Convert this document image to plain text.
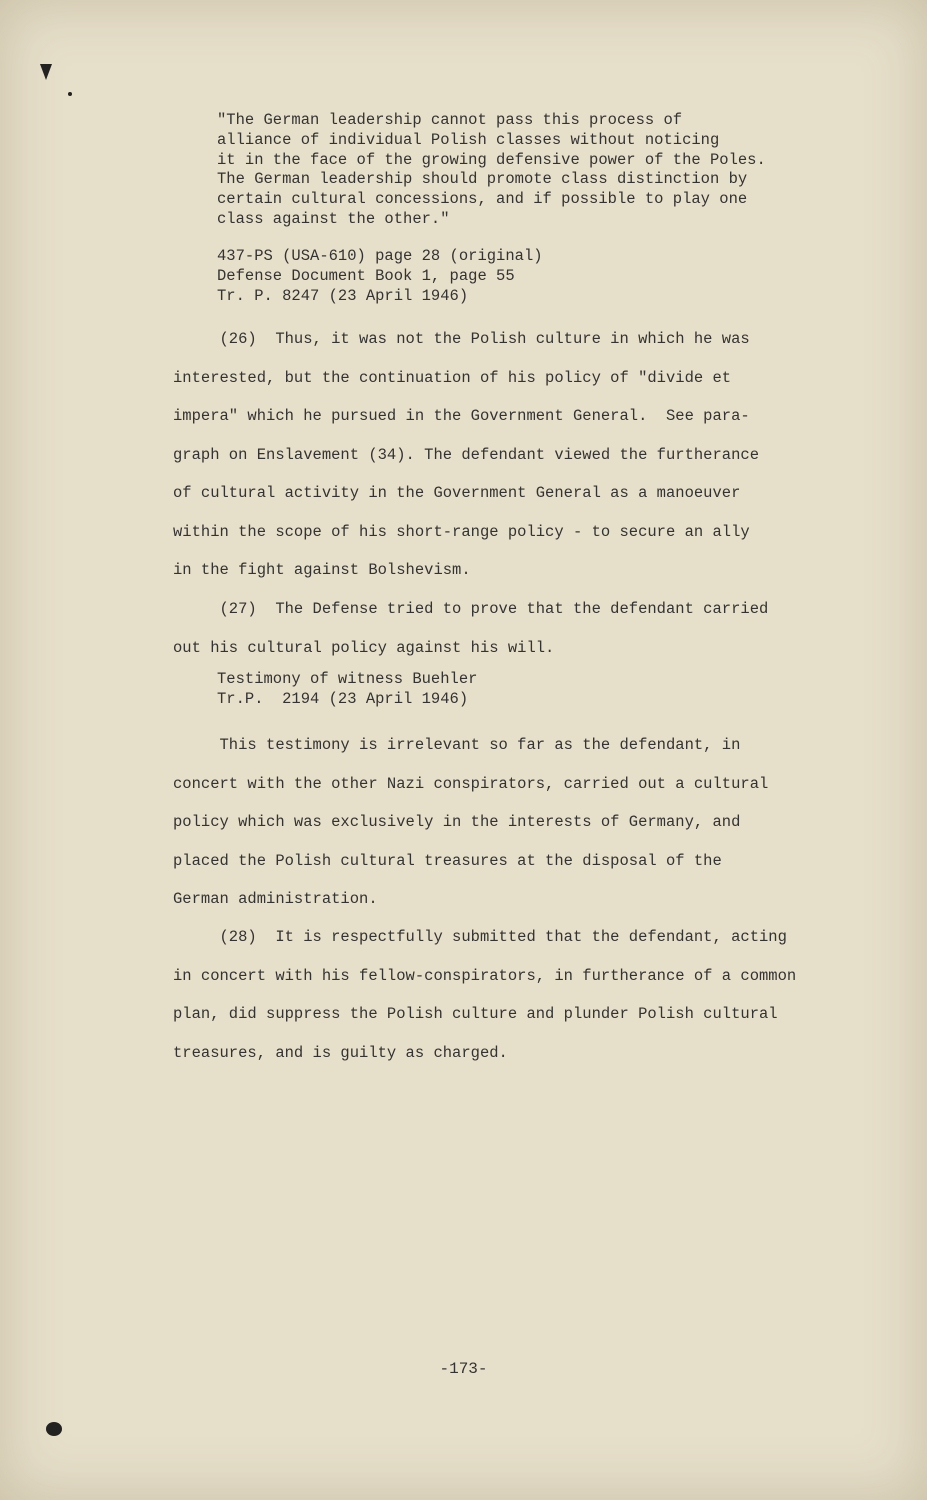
"The German leadership cannot pass this process of
alliance of individual Polish classes without noticing
it in the face of the growing defensive power of the Poles.
The German leadership should promote class distinction by
certain cultural concessions, and if possible to play one
class against the other."

437-PS (USA-610) page 28 (original)
Defense Document Book 1, page 55
Tr. P. 8247 (23 April 1946)

(26)  Thus, it was not the Polish culture in which he was
interested, but the continuation of his policy of "divide et
impera" which he pursued in the Government General.  See para-
graph on Enslavement (34). The defendant viewed the furtherance
of cultural activity in the Government General as a manoeuver
within the scope of his short-range policy - to secure an ally
in the fight against Bolshevism.

(27)  The Defense tried to prove that the defendant carried
out his cultural policy against his will.

Testimony of witness Buehler
Tr.P.  2194 (23 April 1946)

This testimony is irrelevant so far as the defendant, in
concert with the other Nazi conspirators, carried out a cultural
policy which was exclusively in the interests of Germany, and
placed the Polish cultural treasures at the disposal of the
German administration.

(28)  It is respectfully submitted that the defendant, acting
in concert with his fellow-conspirators, in furtherance of a common
plan, did suppress the Polish culture and plunder Polish cultural
treasures, and is guilty as charged.

-173-
